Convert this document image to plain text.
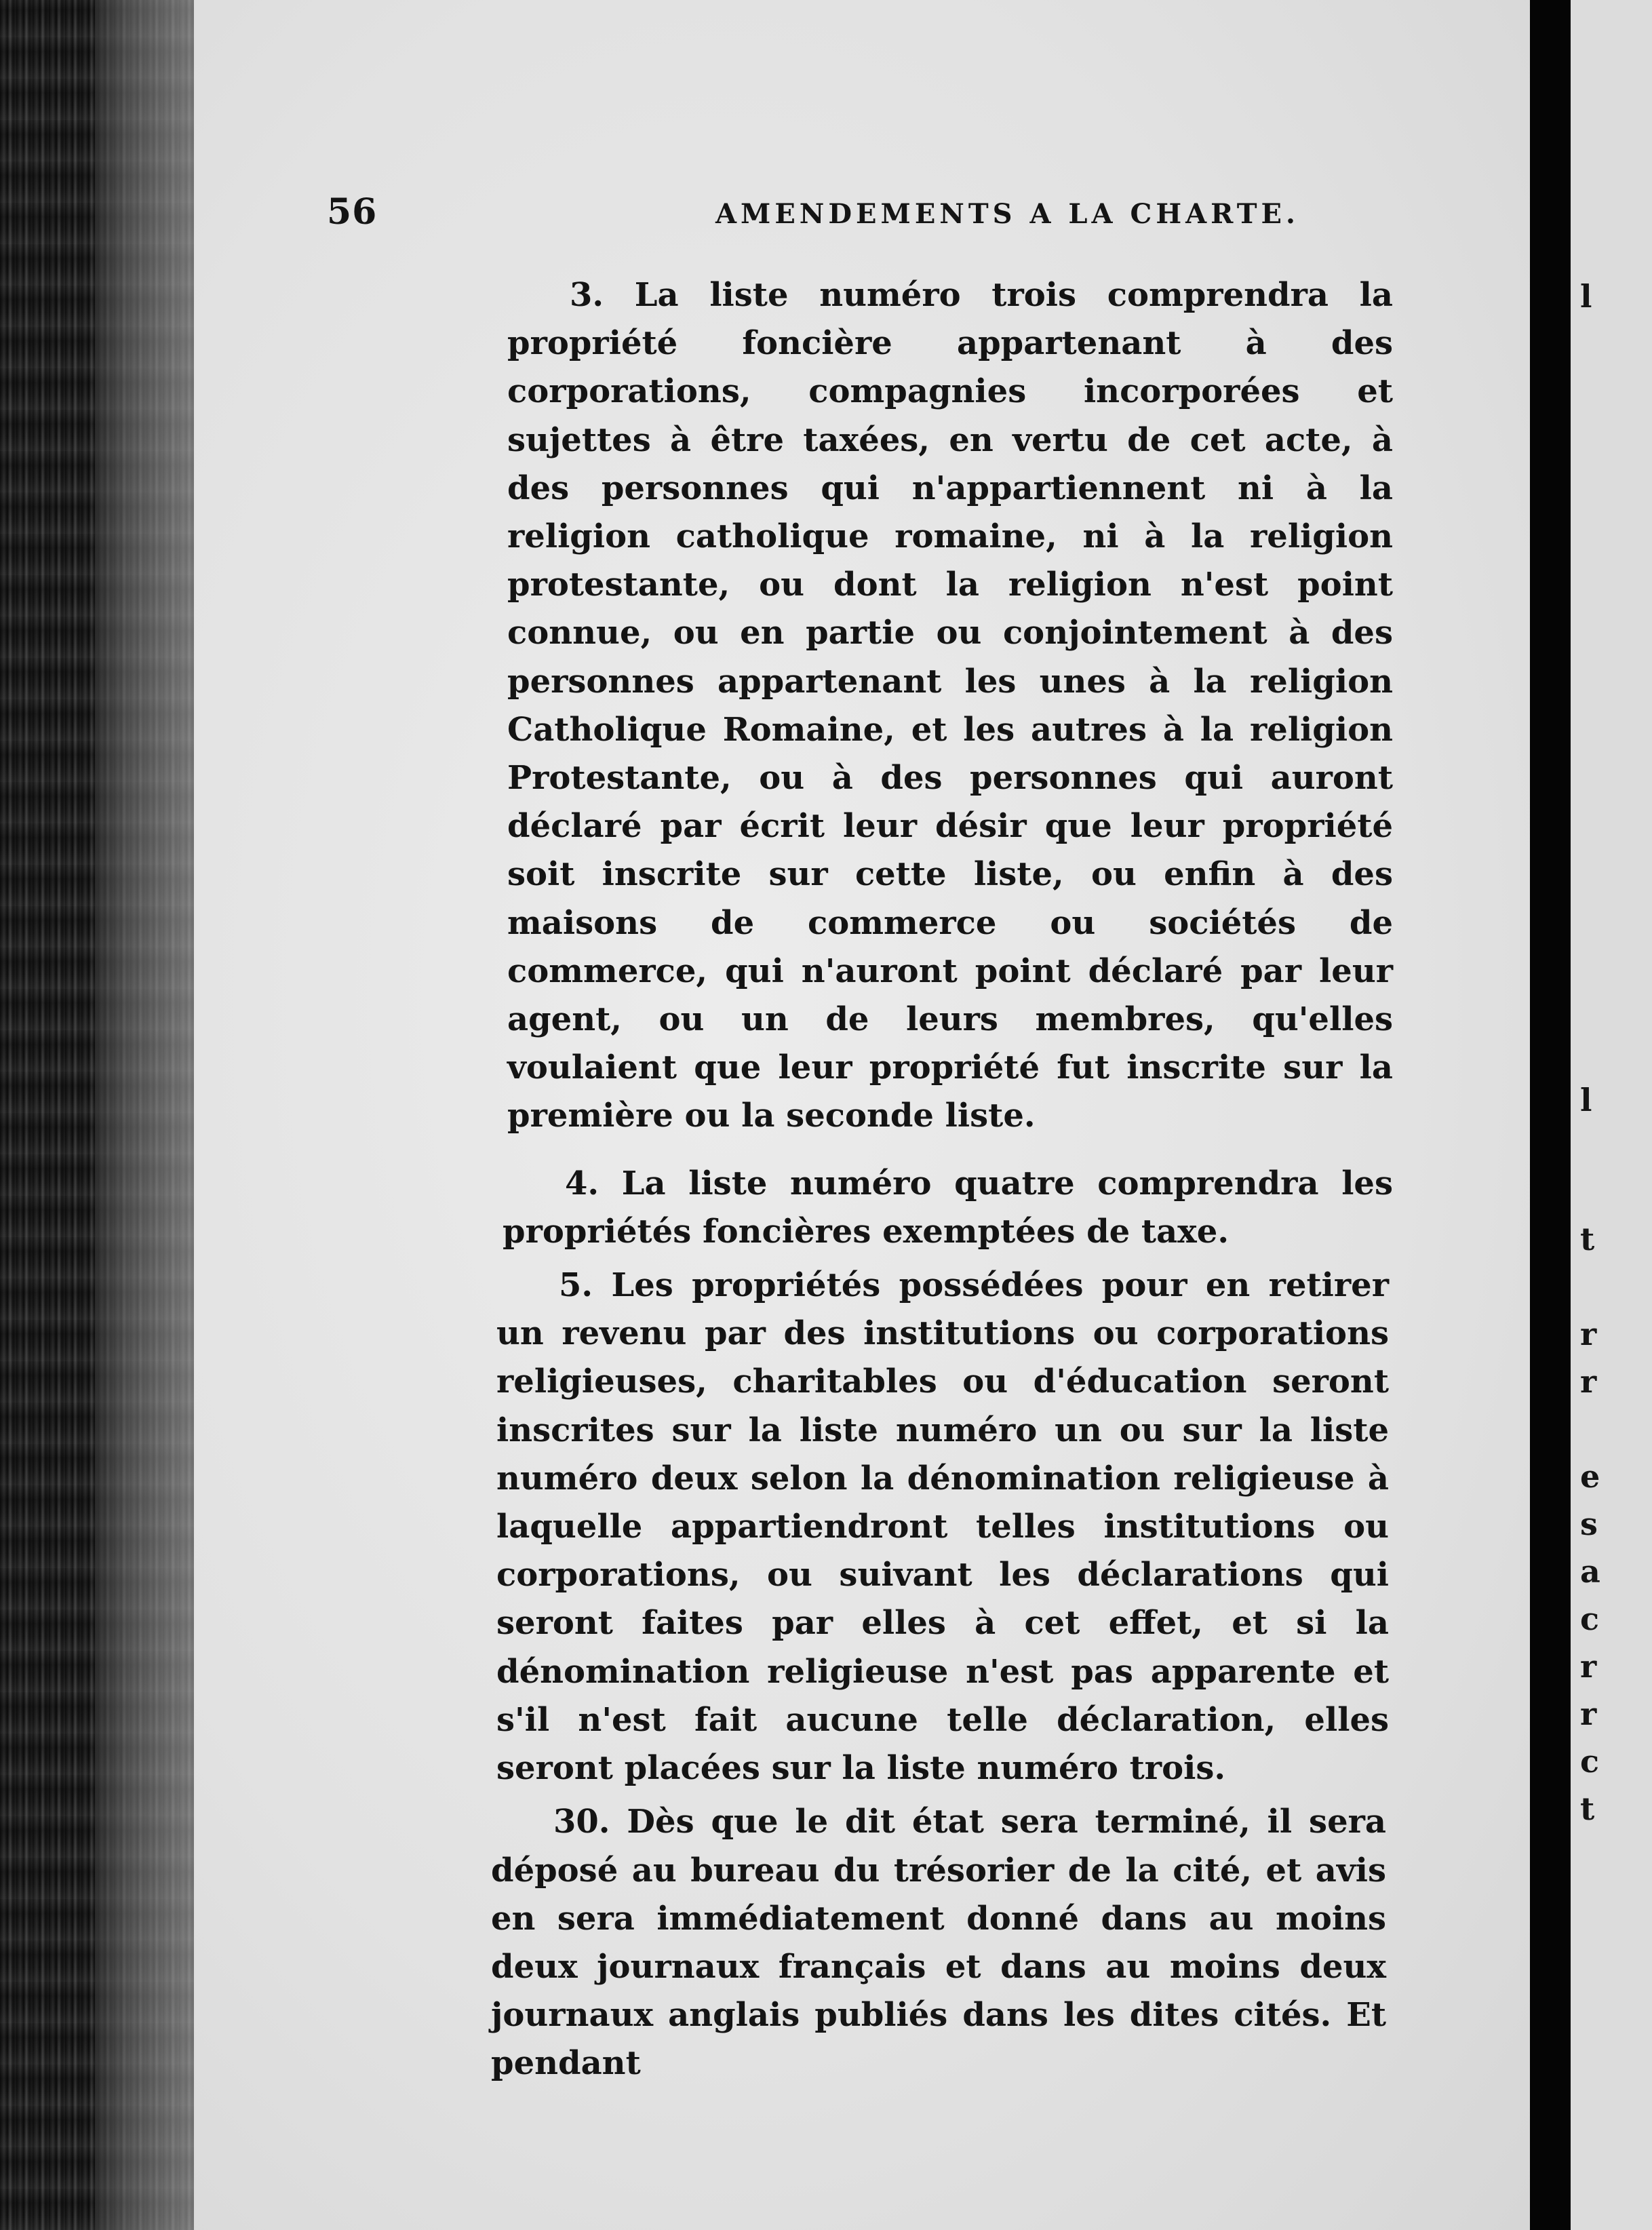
56	AMENDEMENTS A LA CHARTE.

3. La liste numéro trois comprendra la propriété foncière appartenant à des corporations, compagnies incorporées et sujettes à être taxées, en vertu de cet acte, à des personnes qui n'appartiennent ni à la religion catholique romaine, ni à la religion protestante, ou dont la religion n'est point connue, ou en partie ou conjointement à des personnes appartenant les unes à la religion Catholique Romaine, et les autres à la religion Protestante, ou à des personnes qui auront déclaré par écrit leur désir que leur propriété soit inscrite sur cette liste, ou enfin à des maisons de commerce ou sociétés de commerce, qui n'auront point déclaré par leur agent, ou un de leurs membres, qu'elles voulaient que leur propriété fut inscrite sur la première ou la seconde liste.

4. La liste numéro quatre comprendra les propriétés foncières exemptées de taxe.

5. Les propriétés possédées pour en retirer un revenu par des institutions ou corporations religieuses, charitables ou d'éducation seront inscrites sur la liste numéro un ou sur la liste numéro deux selon la dénomination religieuse à laquelle appartiendront telles institutions ou corporations, ou suivant les déclarations qui seront faites par elles à cet effet, et si la dénomination religieuse n'est pas apparente et s'il n'est fait aucune telle déclaration, elles seront placées sur la liste numéro trois.

30. Dès que le dit état sera terminé, il sera déposé au bureau du trésorier de la cité, et avis en sera immédiatement donné dans au moins deux journaux français et dans au moins deux journaux anglais publiés dans les dites cités. Et pendant

l
l
t
r
r
e
s
a
c
r
r
c
t
